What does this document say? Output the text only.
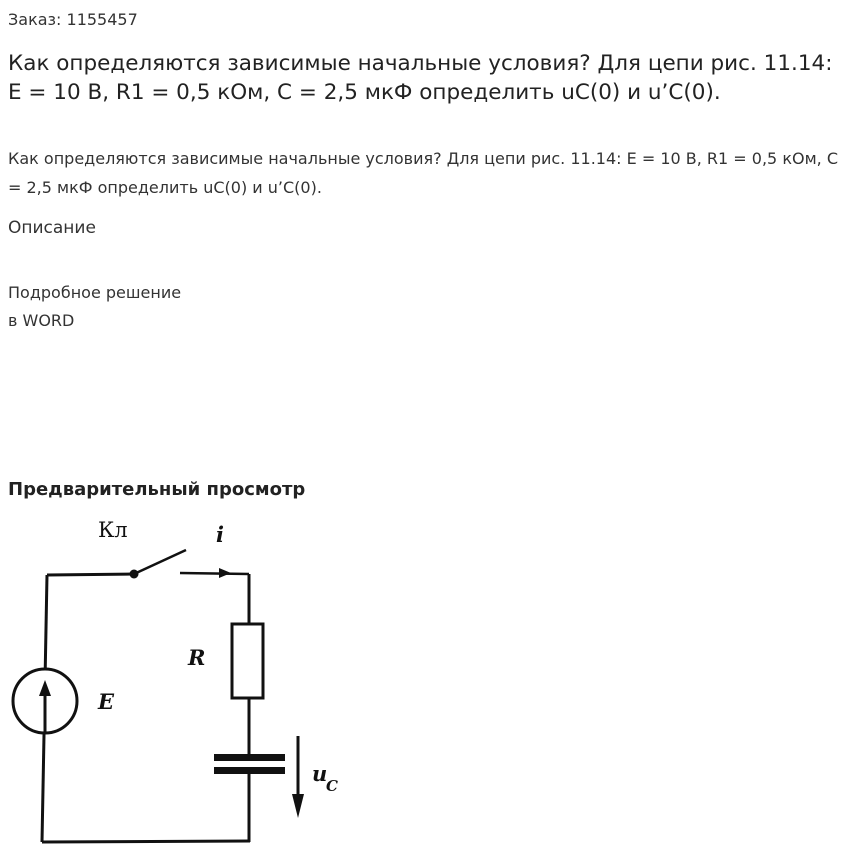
Заказ: 1155457
Как определяются зависимые начальные условия? Для цепи рис. 11.14: E = 10 В, R1 = 0,5 кОм, C = 2,5 мкФ определить uC(0) и u’C(0).

Как определяются зависимые начальные условия? Для цепи рис. 11.14: E = 10 В, R1 = 0,5 кОм, C = 2,5 мкФ определить uC(0) и u’C(0).

Описание
Подробное решение
в WORD
Предварительный просмотр
Кл	i
R
E
u
C
